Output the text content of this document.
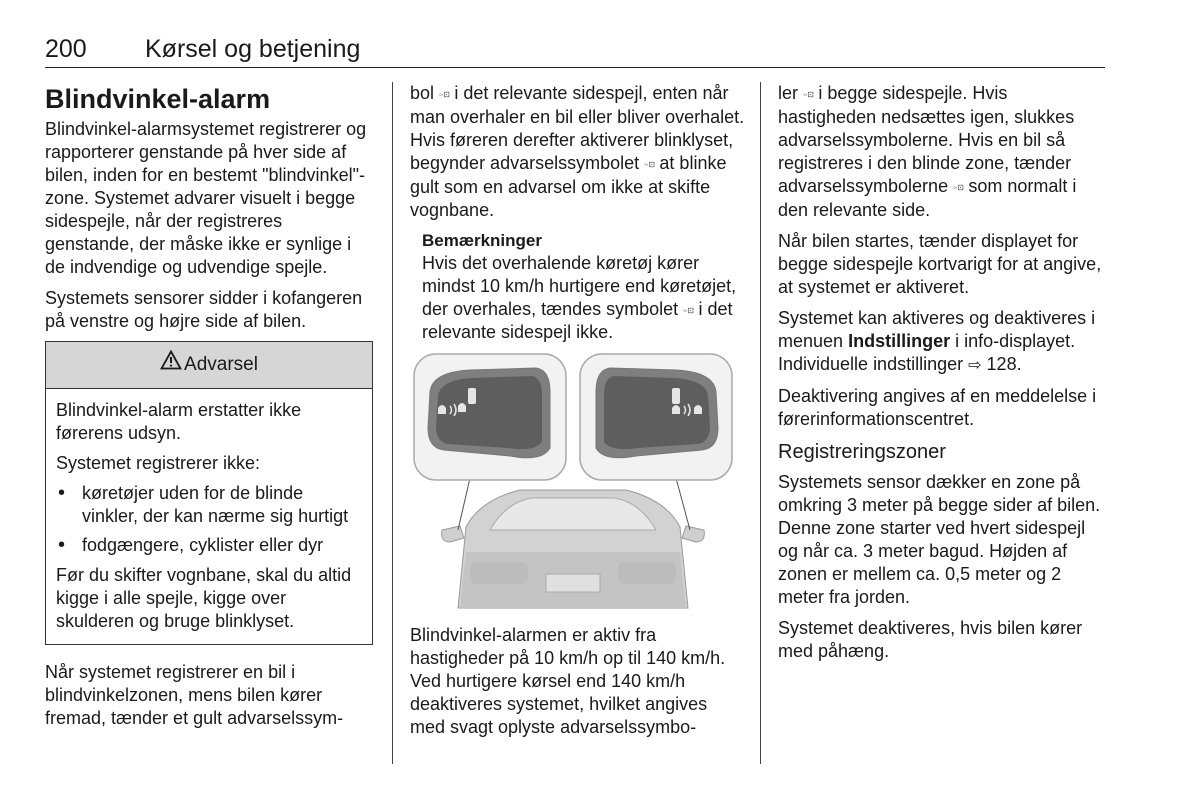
200 Kørsel og betjening
Blindvinkel-alarm

Blindvinkel-alarmsystemet registrerer og rapporterer genstande på hver side af bilen, inden for en bestemt "blindvinkel"-zone. Systemet advarer visuelt i begge sidespejle, når der registreres genstande, der måske ikke er synlige i de indvendige og udvendige spejle.

Systemets sensorer sidder i kofangeren på venstre og højre side af bilen.

Advarsel

Blindvinkel-alarm erstatter ikke førerens udsyn.

Systemet registrerer ikke:

• køretøjer uden for de blinde vinkler, der kan nærme sig hurtigt
• fodgængere, cyklister eller dyr

Før du skifter vognbane, skal du altid kigge i alle spejle, kigge over skulderen og bruge blinklyset.

Når systemet registrerer en bil i blindvinkelzonen, mens bilen kører fremad, tænder et gult advarselssym-

bol ◦∙⊡ i det relevante sidespejl, enten når man overhaler en bil eller bliver overhalet. Hvis føreren derefter aktiverer blinklyset, begynder advarselssymbolet ◦∙⊡ at blinke gult som en advarsel om ikke at skifte vognbane.

Bemærkninger

Hvis det overhalende køretøj kører mindst 10 km/h hurtigere end køretøjet, der overhales, tændes symbolet ◦∙⊡ i det relevante sidespejl ikke.

Blindvinkel-alarmen er aktiv fra hastigheder på 10 km/h op til 140 km/h. Ved hurtigere kørsel end 140 km/h deaktiveres systemet, hvilket angives med svagt oplyste advarselssymbo-

ler ◦∙⊡ i begge sidespejle. Hvis hastigheden nedsættes igen, slukkes advarselssymbolerne. Hvis en bil så registreres i den blinde zone, tænder advarselssymbolerne ◦∙⊡ som normalt i den relevante side.

Når bilen startes, tænder displayet for begge sidespejle kortvarigt for at angive, at systemet er aktiveret.

Systemet kan aktiveres og deaktiveres i menuen Indstillinger i info-displayet. Individuelle indstillinger ⇨ 128.

Deaktivering angives af en meddelelse i førerinformationscentret.

Registreringszoner

Systemets sensor dækker en zone på omkring 3 meter på begge sider af bilen. Denne zone starter ved hvert sidespejl og når ca. 3 meter bagud. Højden af zonen er mellem ca. 0,5 meter og 2 meter fra jorden.

Systemet deaktiveres, hvis bilen kører med påhæng.
